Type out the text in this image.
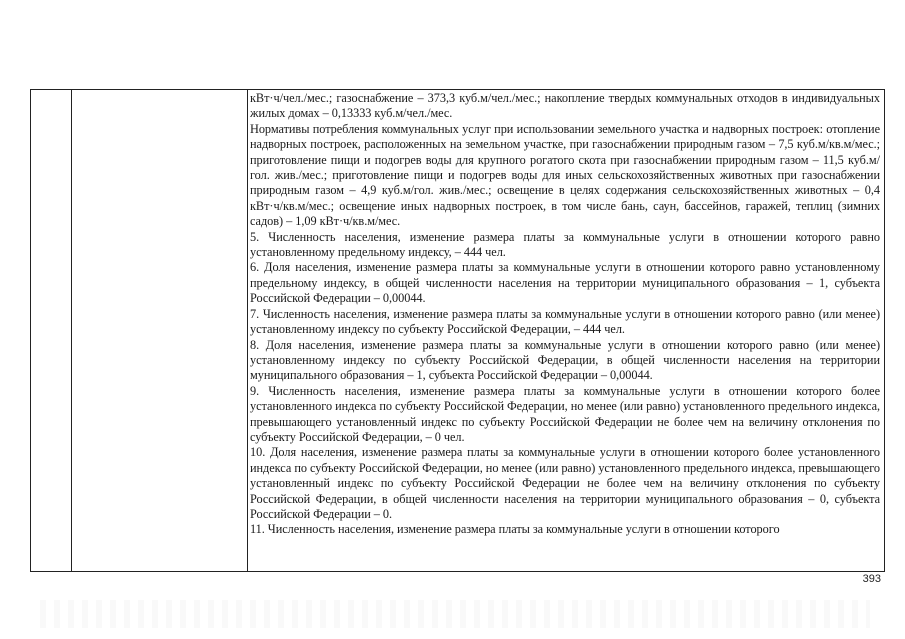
кВт·ч/чел./мес.; газоснабжение – 373,3 куб.м/чел./мес.; накопление твердых коммунальных отходов в индивидуальных жилых домах – 0,13333 куб.м/чел./мес.

Нормативы потребления коммунальных услуг при использовании земельного участка и надворных построек: отопление надворных построек, расположенных на земельном участке, при газоснабжении природным газом – 7,5 куб.м/кв.м/мес.; приготовление пищи и подогрев воды для крупного рогатого скота при газоснабжении природным газом – 11,5 куб.м/гол. жив./мес.; приготовление пищи и подогрев воды для иных сельскохозяйственных животных при газоснабжении природным газом – 4,9 куб.м/гол. жив./мес.; освещение в целях содержания сельскохозяйственных животных – 0,4 кВт·ч/кв.м/мес.; освещение иных надворных построек, в том числе бань, саун, бассейнов, гаражей, теплиц (зимних садов) – 1,09 кВт·ч/кв.м/мес.

5. Численность населения, изменение размера платы за коммунальные услуги в отношении которого равно установленному предельному индексу, – 444 чел.

6. Доля населения, изменение размера платы за коммунальные услуги в отношении которого равно установленному предельному индексу, в общей численности населения на территории муниципального образования – 1, субъекта Российской Федерации – 0,00044.

7. Численность населения, изменение размера платы за коммунальные услуги в отношении которого равно (или менее) установленному индексу по субъекту Российской Федерации, – 444 чел.

8. Доля населения, изменение размера платы за коммунальные услуги в отношении которого равно (или менее) установленному индексу по субъекту Российской Федерации, в общей численности населения на территории муниципального образования – 1, субъекта Российской Федерации – 0,00044.

9. Численность населения, изменение размера платы за коммунальные услуги в отношении которого более установленного индекса по субъекту Российской Федерации, но менее (или равно) установленного предельного индекса, превышающего установленный индекс по субъекту Российской Федерации не более чем на величину отклонения по субъекту Российской Федерации, – 0 чел.

10. Доля населения, изменение размера платы за коммунальные услуги в отношении которого более установленного индекса по субъекту Российской Федерации, но менее (или равно) установленного предельного индекса, превышающего установленный индекс по субъекту Российской Федерации не более чем на величину отклонения по субъекту Российской Федерации, в общей численности населения на территории муниципального образования – 0, субъекта Российской Федерации – 0.

11. Численность населения, изменение размера платы за коммунальные услуги в отношении которого

393
